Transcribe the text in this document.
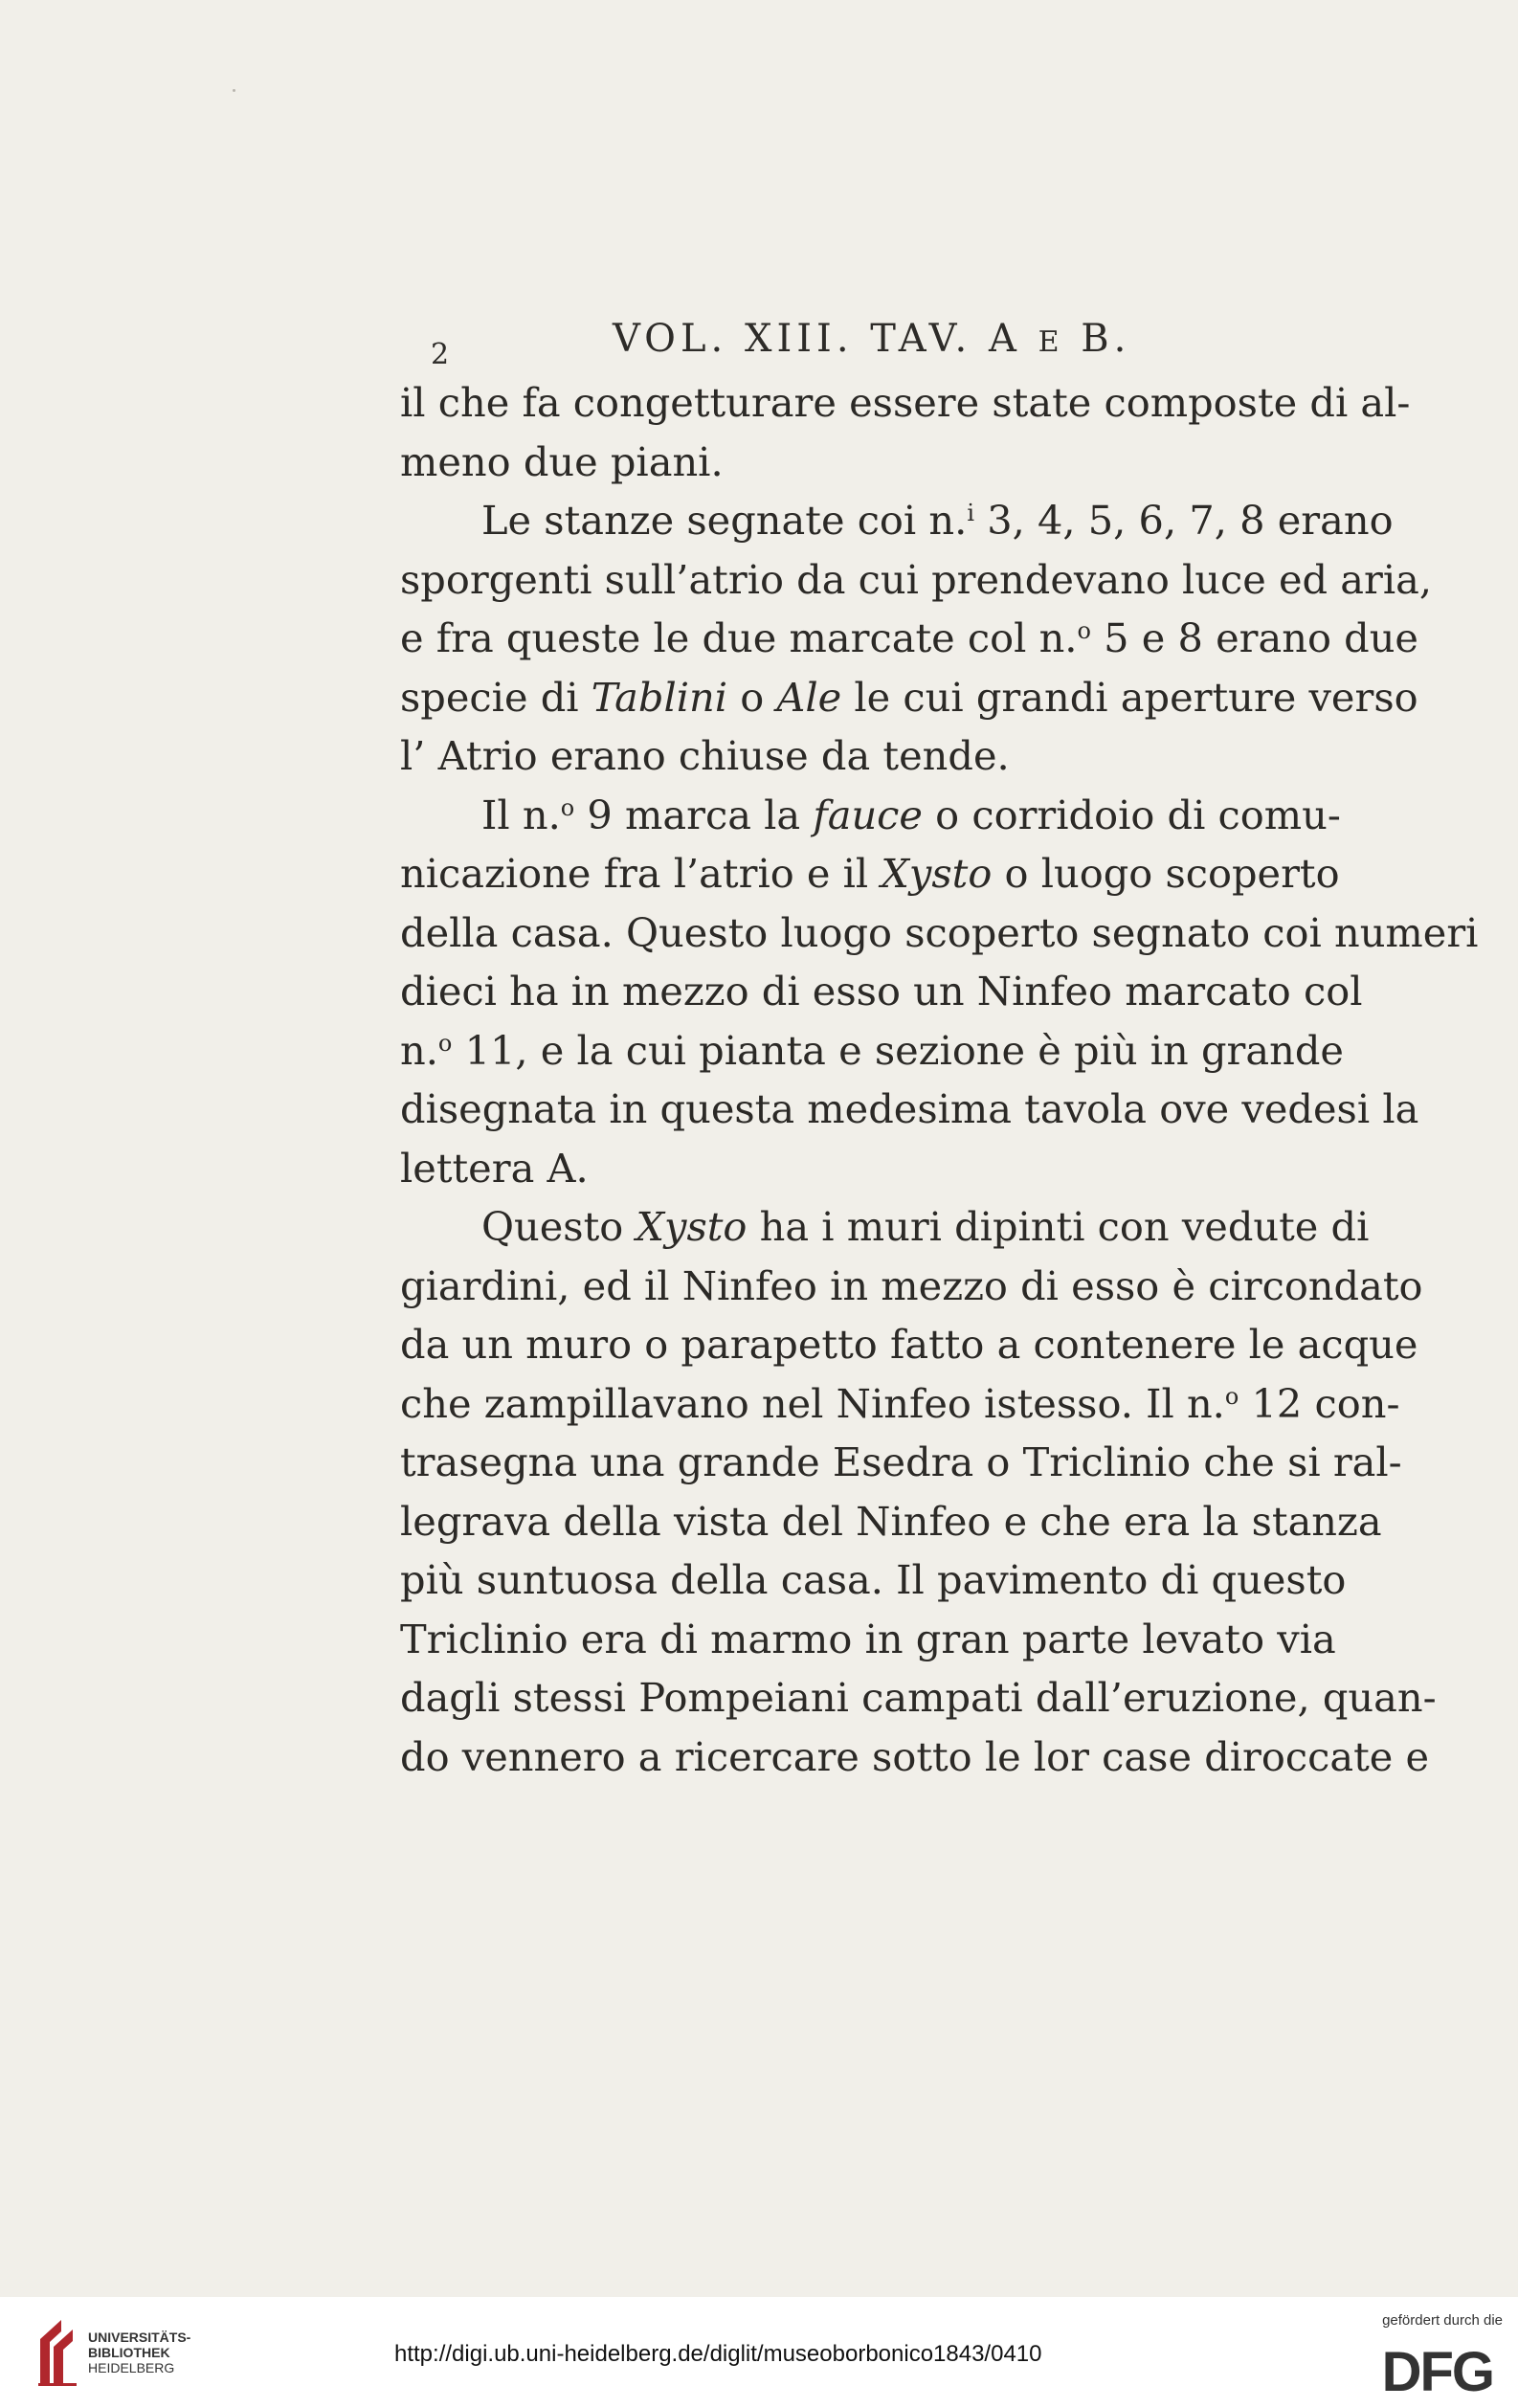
2	VOL. XIII. TAV. A E B.
il che fa congetturare essere state composte di al-
meno due piani.
Le stanze segnate coi n.$^i$ 3, 4, 5, 6, 7, 8 erano
sporgenti sull’atrio da cui prendevano luce ed aria,
e fra queste le due marcate col n.$^o$ 5 e 8 erano due
specie di Tablini o Ale le cui grandi aperture verso
l’ Atrio erano chiuse da tende.
Il n.$^o$ 9 marca la fauce o corridoio di comu-
nicazione fra l’atrio e il Xysto o luogo scoperto
della casa. Questo luogo scoperto segnato coi numeri
dieci ha in mezzo di esso un Ninfeo marcato col
n.$^o$ 11, e la cui pianta e sezione è più in grande
disegnata in questa medesima tavola ove vedesi la
lettera A.
Questo Xysto ha i muri dipinti con vedute di
giardini, ed il Ninfeo in mezzo di esso è circondato
da un muro o parapetto fatto a contenere le acque
che zampillavano nel Ninfeo istesso. Il n.$^o$ 12 con-
trasegna una grande Esedra o Triclinio che si ral-
legrava della vista del Ninfeo e che era la stanza
più suntuosa della casa. Il pavimento di questo
Triclinio era di marmo in gran parte levato via
dagli stessi Pompeiani campati dall’eruzione, quan-
do vennero a ricercare sotto le lor case diroccate e
UNIVERSITÄTS-
BIBLIOTHEK
HEIDELBERG
http://digi.ub.uni-heidelberg.de/diglit/museoborbonico1843/0410
gefördert durch die
DFG
